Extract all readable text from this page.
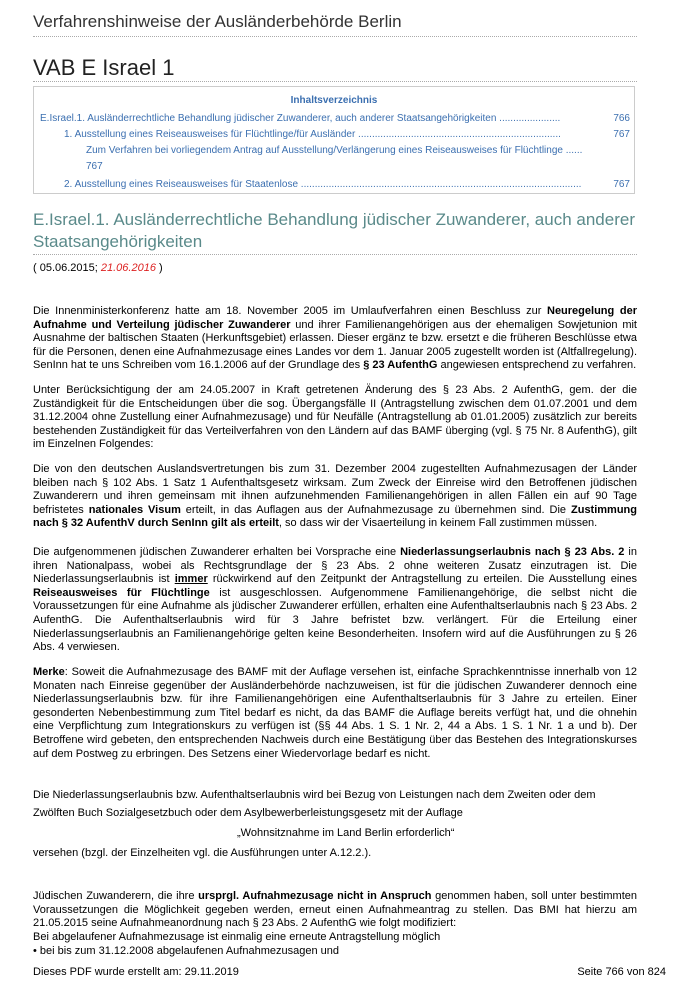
Verfahrenshinweise der Ausländerbehörde Berlin
VAB E Israel 1
Inhaltsverzeichnis
E.Israel.1. Ausländerrechtliche Behandlung jüdischer Zuwanderer, auch anderer Staatsangehörigkeiten ......................	766
1. Ausstellung eines Reiseausweises für Flüchtlinge/für Ausländer .........................................................................	767
Zum Verfahren bei vorliegendem Antrag auf Ausstellung/Verlängerung eines Reiseausweises für Flüchtlinge ......
767
2. Ausstellung eines Reiseausweises für Staatenlose .....................................................................................................	767
E.Israel.1. Ausländerrechtliche Behandlung jüdischer Zuwanderer, auch anderer Staatsangehörigkeiten
( 05.06.2015; 21.06.2016 )
Die Innenministerkonferenz hatte am 18. November 2005 im Umlaufverfahren einen Beschluss zur Neuregelung der Aufnahme und Verteilung jüdischer Zuwanderer und ihrer Familienangehörigen aus der ehemaligen Sowjetunion mit Ausnahme der baltischen Staaten (Herkunftsgebiet) erlassen. Dieser ergänz te bzw. ersetzt e die früheren Beschlüsse etwa für die Personen, denen eine Aufnahmezusage eines Landes vor dem 1. Januar 2005 zugestellt worden ist (Altfallregelung). SenInn hat te uns Schreiben vom 16.1.2006 auf der Grundlage des § 23 AufenthG angewiesen entsprechend zu verfahren.
Unter Berücksichtigung der am 24.05.2007 in Kraft getretenen Änderung des § 23 Abs. 2 AufenthG, gem. der die Zuständigkeit für die Entscheidungen über die sog. Übergangsfälle II (Antragstellung zwischen dem 01.07.2001 und dem 31.12.2004 ohne Zustellung einer Aufnahmezusage) und für Neufälle (Antragstellung ab 01.01.2005) zusätzlich zur bereits bestehenden Zuständigkeit für das Verteilverfahren von den Ländern auf das BAMF überging (vgl. § 75 Nr. 8 AufenthG), gilt im Einzelnen Folgendes:
Die von den deutschen Auslandsvertretungen bis zum 31. Dezember 2004 zugestellten Aufnahmezusagen der Länder bleiben nach § 102 Abs. 1 Satz 1 Aufenthaltsgesetz wirksam. Zum Zweck der Einreise wird den Betroffenen jüdischen Zuwanderern und ihren gemeinsam mit ihnen aufzunehmenden Familienangehörigen in allen Fällen ein auf 90 Tage befristetes nationales Visum erteilt, in das Auflagen aus der Aufnahmezusage zu übernehmen sind. Die Zustimmung nach § 32 AufenthV durch SenInn gilt als erteilt, so dass wir der Visaerteilung in keinem Fall zustimmen müssen.
Die aufgenommenen jüdischen Zuwanderer erhalten bei Vorsprache eine Niederlassungserlaubnis nach § 23 Abs. 2 in ihren Nationalpass, wobei als Rechtsgrundlage der § 23 Abs. 2 ohne weiteren Zusatz einzutragen ist. Die Niederlassungserlaubnis ist immer rückwirkend auf den Zeitpunkt der Antragstellung zu erteilen. Die Ausstellung eines Reiseausweises für Flüchtlinge ist ausgeschlossen. Aufgenommene Familienangehörige, die selbst nicht die Voraussetzungen für eine Aufnahme als jüdischer Zuwanderer erfüllen, erhalten eine Aufenthaltserlaubnis nach § 23 Abs. 2 AufenthG. Die Aufenthaltserlaubnis wird für 3 Jahre befristet bzw. verlängert. Für die Erteilung einer Niederlassungserlaubnis an Familienangehörige gelten keine Besonderheiten. Insofern wird auf die Ausführungen zu § 26 Abs. 4 verwiesen.
Merke: Soweit die Aufnahmezusage des BAMF mit der Auflage versehen ist, einfache Sprachkenntnisse innerhalb von 12 Monaten nach Einreise gegenüber der Ausländerbehörde nachzuweisen, ist für die jüdischen Zuwanderer dennoch eine Niederlassungserlaubnis bzw. für ihre Familienangehörigen eine Aufenthaltserlaubnis für 3 Jahre zu erteilen. Einer gesonderten Nebenbestimmung zum Titel bedarf es nicht, da das BAMF die Auflage bereits verfügt hat, und die ohnehin eine Verpflichtung zum Integrationskurs zu verfügen ist (§§ 44 Abs. 1 S. 1 Nr. 2, 44 a Abs. 1 S. 1 Nr. 1 a und b). Der Betroffene wird gebeten, den entsprechenden Nachweis durch eine Bestätigung über das Bestehen des Integrationskurses auf dem Postweg zu erbringen. Des Setzens einer Wiedervorlage bedarf es nicht.
Die Niederlassungserlaubnis bzw. Aufenthaltserlaubnis wird bei Bezug von Leistungen nach dem Zweiten oder dem
Zwölften Buch Sozialgesetzbuch oder dem Asylbewerberleistungsgesetz mit der Auflage
„Wohnsitznahme im Land Berlin erforderlich“
versehen (bzgl. der Einzelheiten vgl. die Ausführungen unter A.12.2.).
Jüdischen Zuwanderern, die ihre ursprgl. Aufnahmezusage nicht in Anspruch genommen haben, soll unter bestimmten Voraussetzungen die Möglichkeit gegeben werden, erneut einen Aufnahmeantrag zu stellen. Das BMI hat hierzu am 21.05.2015 seine Aufnahmeanordnung nach § 23 Abs. 2 AufenthG wie folgt modifiziert:
Bei abgelaufener Aufnahmezusage ist einmalig eine erneute Antragstellung möglich
• bei bis zum 31.12.2008 abgelaufenen Aufnahmezusagen und
Dieses PDF wurde erstellt am: 29.11.2019	Seite 766 von 824
